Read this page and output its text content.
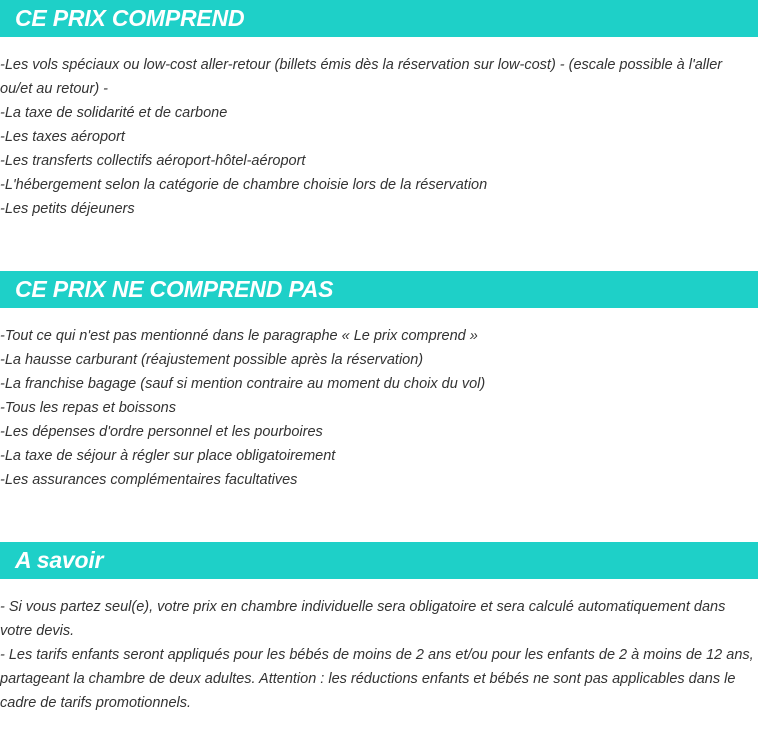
CE PRIX COMPREND

-Les vols spéciaux ou low-cost aller-retour (billets émis dès la réservation sur low-cost) - (escale possible à l'aller ou/et au retour) -

-La taxe de solidarité et de carbone

-Les taxes aéroport

-Les transferts collectifs aéroport-hôtel-aéroport

-L'hébergement selon la catégorie de chambre choisie lors de la réservation

-Les petits déjeuners

CE PRIX NE COMPREND PAS

-Tout ce qui n'est pas mentionné dans le paragraphe « Le prix comprend »

-La hausse carburant (réajustement possible après la réservation)

-La franchise bagage (sauf si mention contraire au moment du choix du vol)

-Tous les repas et boissons

-Les dépenses d'ordre personnel et les pourboires

-La taxe de séjour à régler sur place obligatoirement

-Les assurances complémentaires facultatives

A savoir

- Si vous partez seul(e), votre prix en chambre individuelle sera obligatoire et sera calculé automatiquement dans votre devis.

- Les tarifs enfants seront appliqués pour les bébés de moins de 2 ans et/ou pour les enfants de 2 à moins de 12 ans, partageant la chambre de deux adultes. Attention : les réductions enfants et bébés ne sont pas applicables dans le cadre de tarifs promotionnels.
